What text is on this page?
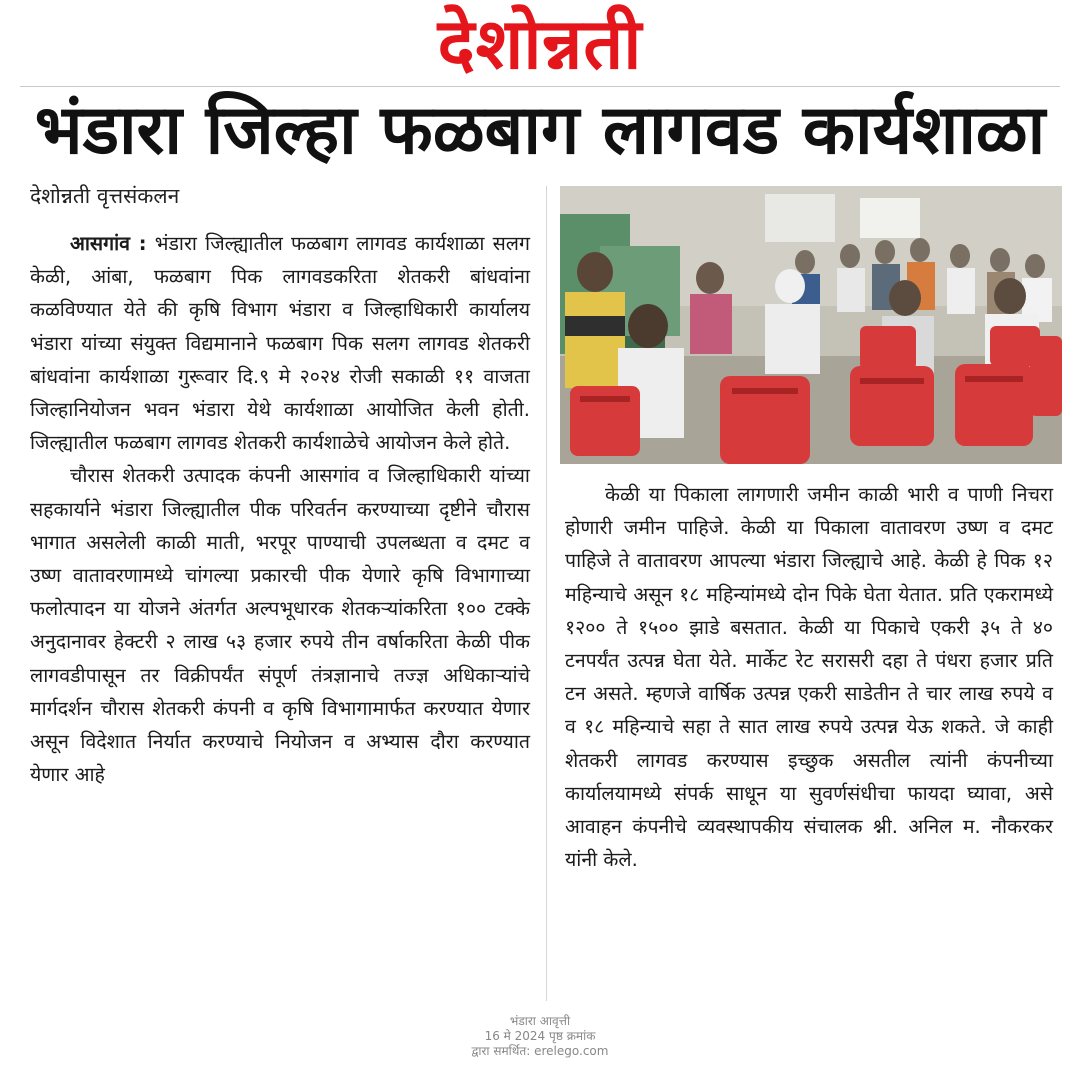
देशोन्नती
भंडारा जिल्हा फळबाग लागवड कार्यशाळा
देशोन्नती वृत्तसंकलन

आसगांव : भंडारा जिल्ह्यातील फळबाग लागवड कार्यशाळा सलग केळी, आंबा, फळबाग पिक लागवडकरिता शेतकरी बांधवांना कळविण्यात येते की कृषि विभाग भंडारा व जिल्हाधिकारी कार्यालय भंडारा यांच्या संयुक्त विद्यमानाने फळबाग पिक सलग लागवड शेतकरी बांधवांना कार्यशाळा गुरूवार दि.९ मे २०२४ रोजी सकाळी ११ वाजता जिल्हानियोजन भवन भंडारा येथे कार्यशाळा आयोजित केली होती. जिल्ह्यातील फळबाग लागवड शेतकरी कार्यशाळेचे आयोजन केले होते.

चौरास शेतकरी उत्पादक कंपनी आसगांव व जिल्हाधिकारी यांच्या सहकार्याने भंडारा जिल्ह्यातील पीक परिवर्तन करण्याच्या दृष्टीने चौरास भागात असलेली काळी माती, भरपूर पाण्याची उपलब्धता व दमट व उष्ण वातावरणामध्ये चांगल्या प्रकारची पीक येणारे कृषि विभागाच्या फलोत्पादन या योजने अंतर्गत अल्पभूधारक शेतकऱ्यांकरिता १०० टक्के अनुदानावर हेक्टरी २ लाख ५३ हजार रुपये तीन वर्षाकरिता केळी पीक लागवडीपासून तर विक्रीपर्यंत संपूर्ण तंत्रज्ञानाचे तज्ज्ञ अधिकाऱ्यांचे मार्गदर्शन चौरास शेतकरी कंपनी व कृषि विभागामार्फत करण्यात येणार असून विदेशात निर्यात करण्याचे नियोजन व अभ्यास दौरा करण्यात येणार आहे

केळी या पिकाला लागणारी जमीन काळी भारी व पाणी निचरा होणारी जमीन पाहिजे. केळी या पिकाला वातावरण उष्ण व दमट पाहिजे ते वातावरण आपल्या भंडारा जिल्ह्याचे आहे. केळी हे पिक १२ महिन्याचे असून १८ महिन्यांमध्ये दोन पिके घेता येतात. प्रति एकरामध्ये १२०० ते १५०० झाडे बसतात. केळी या पिकाचे एकरी ३५ ते ४० टनपर्यंत उत्पन्न घेता येते. मार्केट रेट सरासरी दहा ते पंधरा हजार प्रति टन असते. म्हणजे वार्षिक उत्पन्न एकरी साडेतीन ते चार लाख रुपये व व १८ महिन्याचे सहा ते सात लाख रुपये उत्पन्न येऊ शकते. जे काही शेतकरी लागवड करण्यास इच्छुक असतील त्यांनी कंपनीच्या कार्यालयामध्ये संपर्क साधून या सुवर्णसंधीचा फायदा घ्यावा, असे आवाहन कंपनीचे व्यवस्थापकीय संचालक श्नी. अनिल म. नौकरकर यांनी केले.

भंडारा आवृत्ती
16 मे 2024 पृष्ठ क्रमांक
द्वारा समर्थित: erelego.com
